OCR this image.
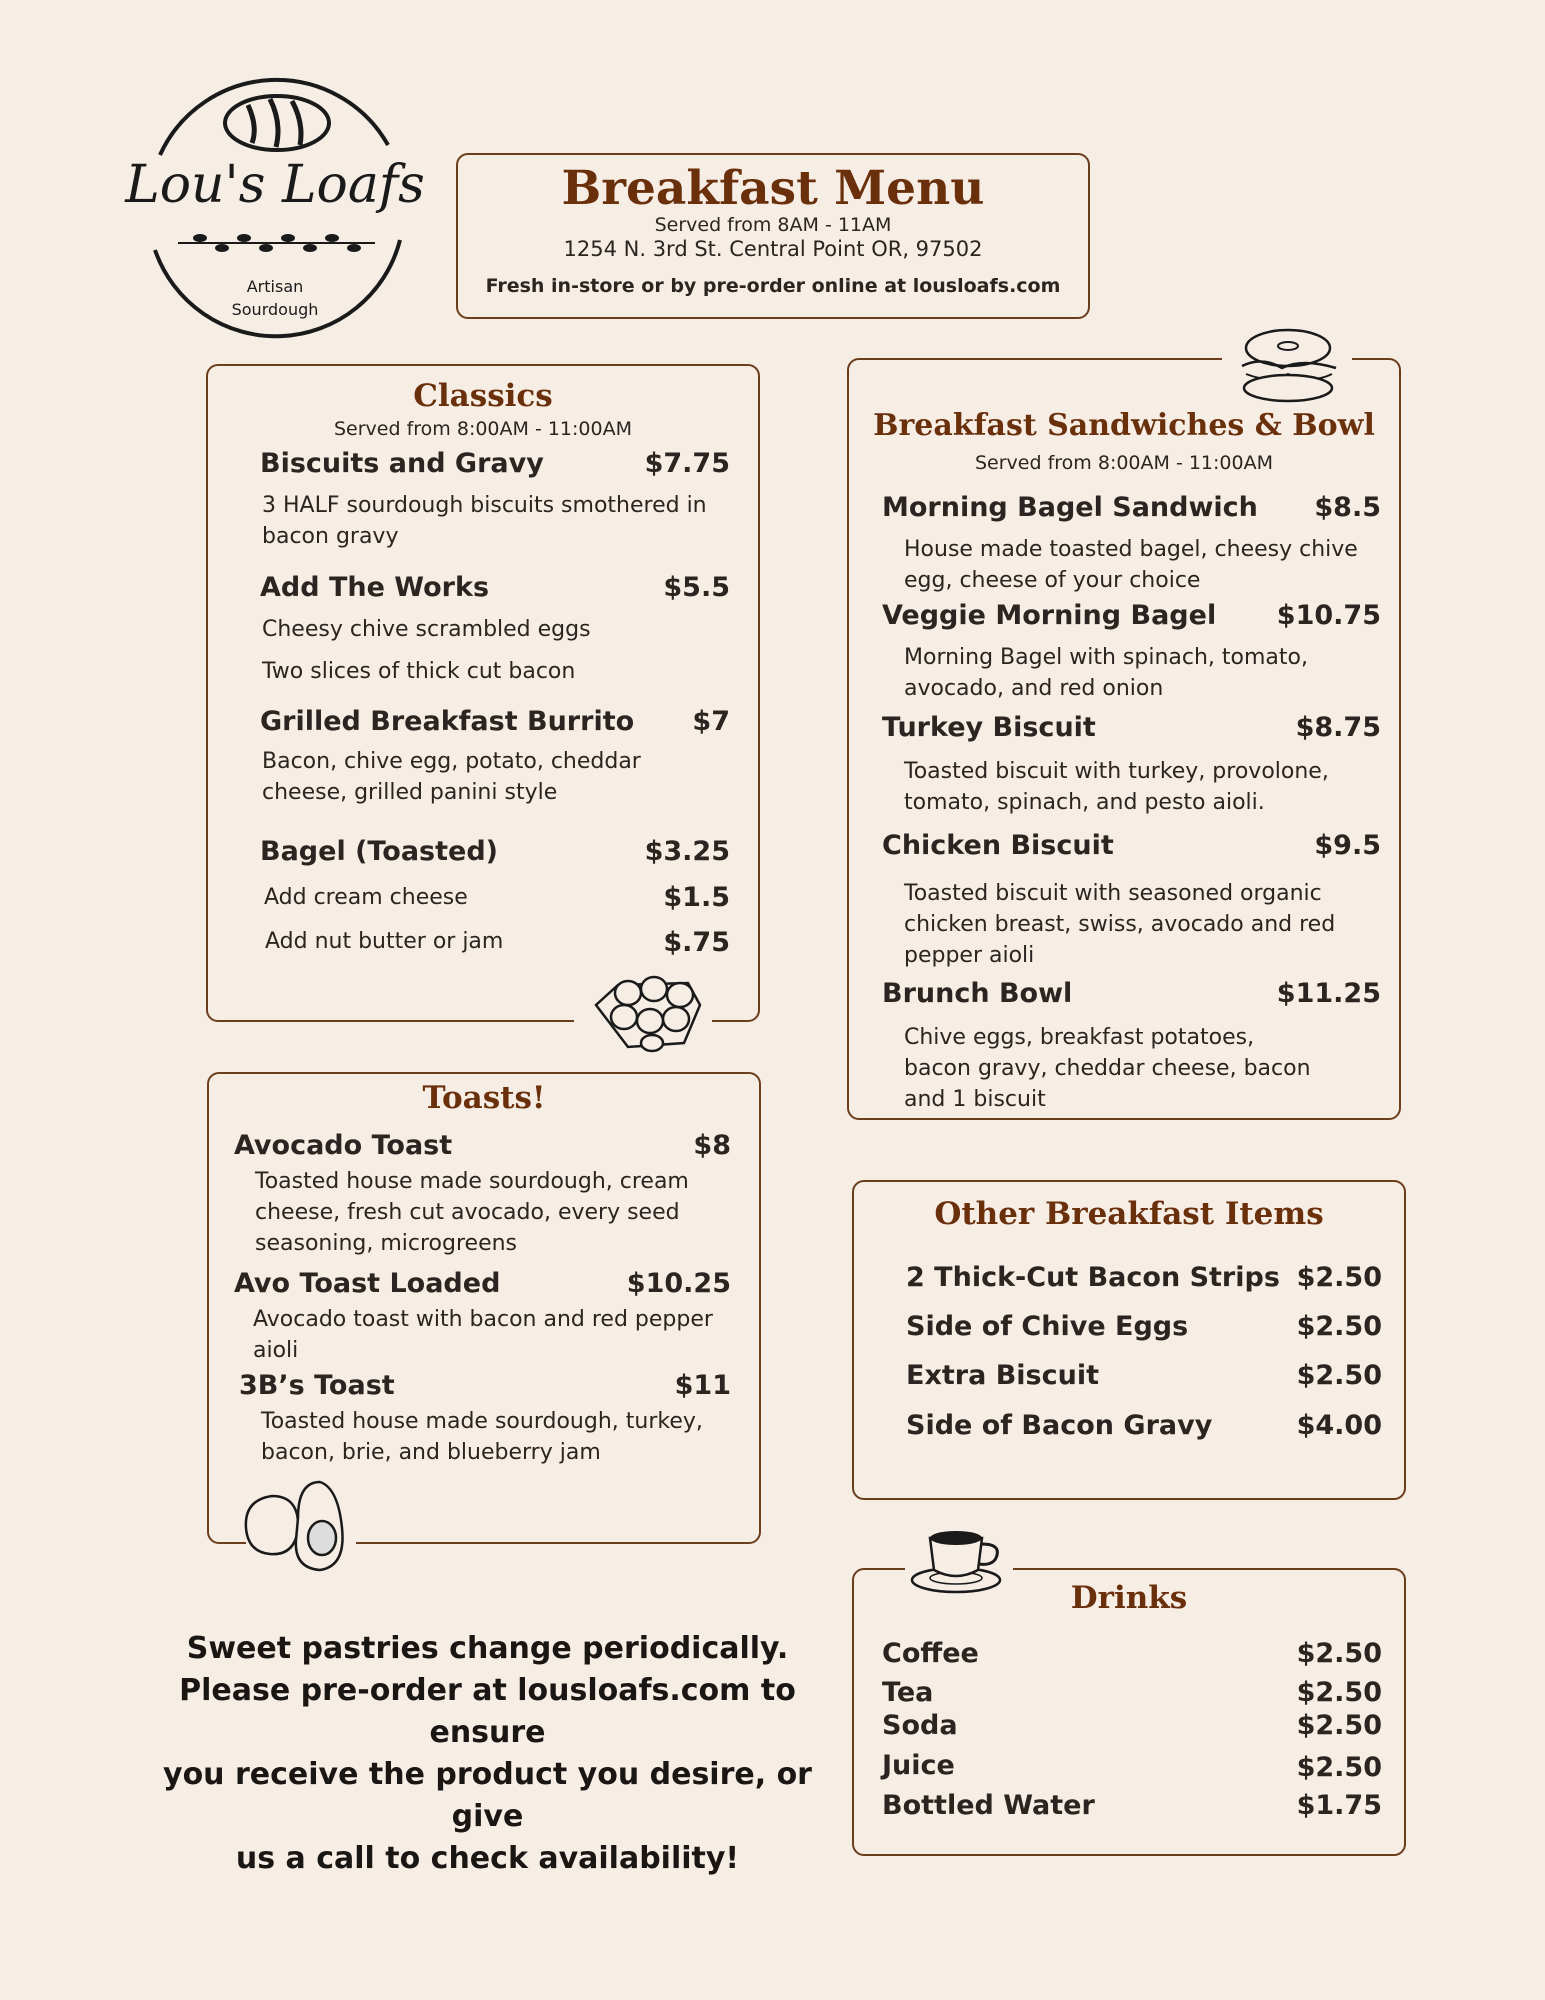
Lou's Loafs
Artisan Sourdough
Breakfast Menu
Served from 8AM - 11AM
1254 N. 3rd St. Central Point OR, 97502
Fresh in-store or by pre-order online at lousloafs.com
Classics
Served from 8:00AM - 11:00AM
Biscuits and Gravy	$7.75
3 HALF sourdough biscuits smothered in bacon gravy
Add The Works	$5.5
Cheesy chive scrambled eggs
Two slices of thick cut bacon
Grilled Breakfast Burrito $7
Bacon, chive egg, potato, cheddar cheese, grilled panini style
Bagel (Toasted)	$3.25
Add cream cheese	$1.5
Add nut butter or jam	$.75
Breakfast Sandwiches & Bowl
Served from 8:00AM - 11:00AM
Morning Bagel Sandwich $8.5
House made toasted bagel, cheesy chive egg, cheese of your choice
Veggie Morning Bagel $10.75
Morning Bagel with spinach, tomato, avocado, and red onion
Turkey Biscuit	$8.75
Toasted biscuit with turkey, provolone, tomato, spinach, and pesto aioli.
Chicken Biscuit	$9.5
Toasted biscuit with seasoned organic chicken breast, swiss, avocado and red pepper aioli
Brunch Bowl	$11.25
Chive eggs, breakfast potatoes, bacon gravy, cheddar cheese, bacon and 1 biscuit
Toasts!
Avocado Toast	$8
Toasted house made sourdough, cream cheese, fresh cut avocado, every seed seasoning, microgreens
Avo Toast Loaded	$10.25
Avocado toast with bacon and red pepper aioli
3B’s Toast	$11
Toasted house made sourdough, turkey, bacon, brie, and blueberry jam
Other Breakfast Items
2 Thick-Cut Bacon Strips $2.50
Side of Chive Eggs	$2.50
Extra Biscuit	$2.50
Side of Bacon Gravy	$4.00
Drinks
Coffee	$2.50
Tea	$2.50
Soda	$2.50
Juice	$2.50
Bottled Water	$1.75
Sweet pastries change periodically.
Please pre-order at lousloafs.com to ensure
you receive the product you desire, or give
us a call to check availability!
